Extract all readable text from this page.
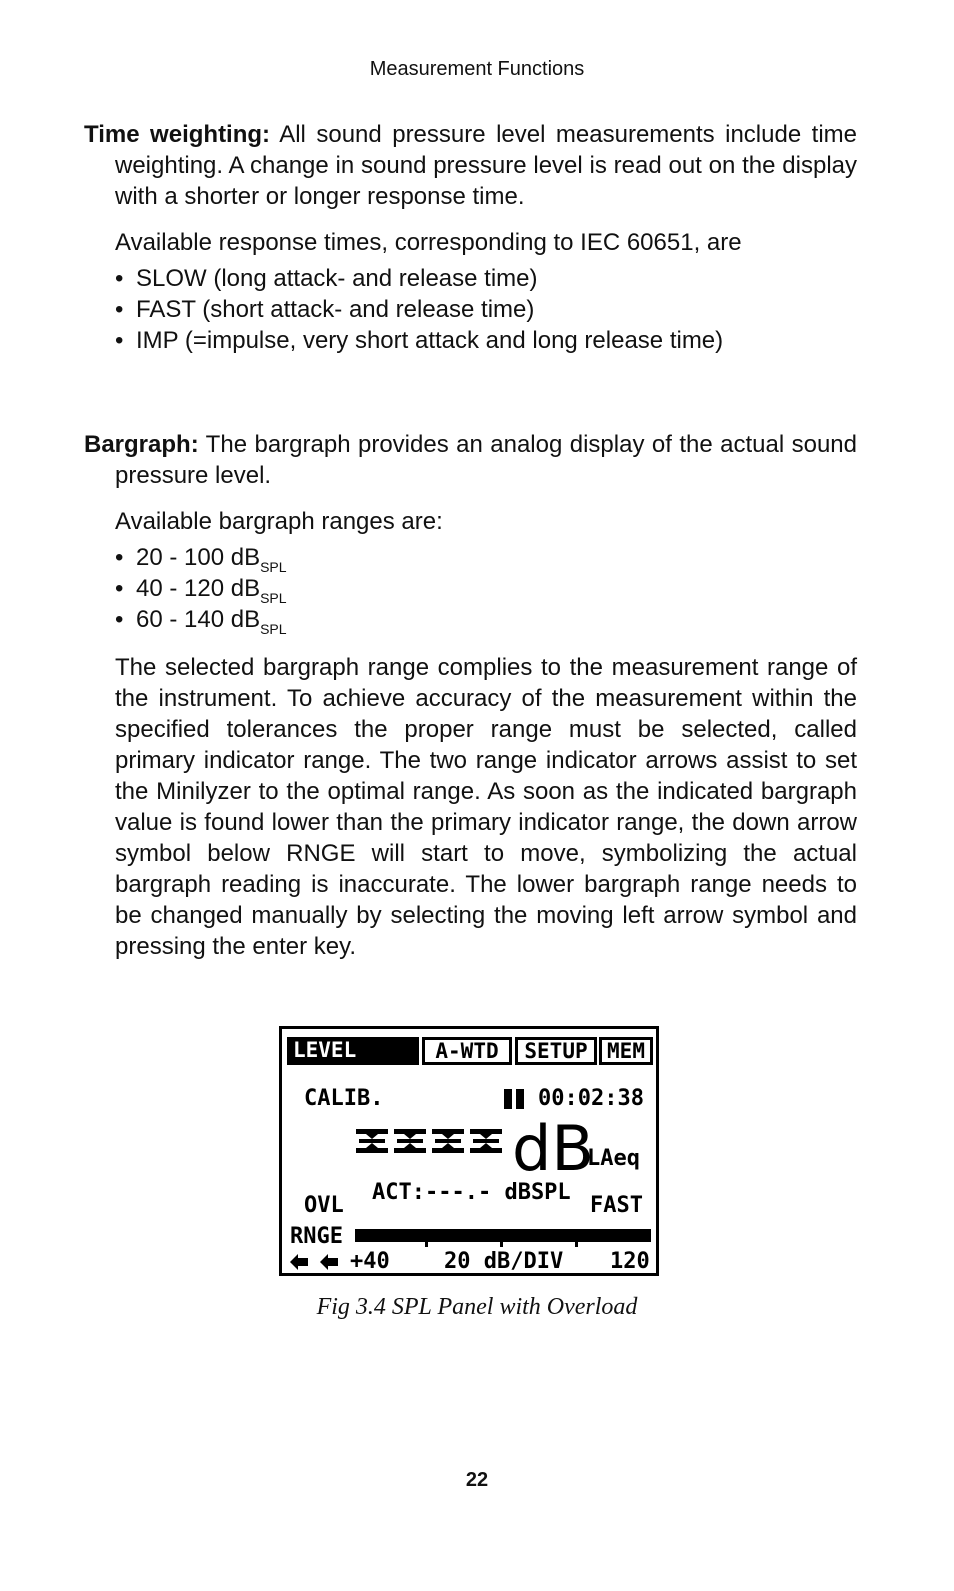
Measurement Functions

Time weighting: All sound pressure level measurements include time weighting. A change in sound pressure level is read out on the display with a shorter or longer response time.

Available response times, corresponding to IEC 60651, are

• SLOW (long attack- and release time)
• FAST (short attack- and release time)
• IMP (=impulse, very short attack and long release time)

Bargraph: The bargraph provides an analog display of the actual sound pressure level.

Available bargraph ranges are:

• 20 - 100 $dB_{SPL}$
• 40 - 120 $dB_{SPL}$
• 60 - 140 $dB_{SPL}$

The selected bargraph range complies to the measurement range of the instrument. To achieve accuracy of the measurement within the specified tolerances the proper range must be selected, called primary indicator range. The two range indicator arrows assist to set the Minilyzer to the optimal range. As soon as the indicated bargraph value is found lower than the primary indicator range, the down arrow symbol below RNGE will start to move, symbolizing the actual bargraph reading is inaccurate. The lower bargraph range needs to be changed manually by selecting the moving left arrow symbol and pressing the enter key.

LEVEL	A-WTD	SETUP MEM
CALIB.	00:02:38
dB
LAeq
ACT:---.- dBSPL
OVL	FAST
RNGE
+40 20 dB/DIV 120
Fig 3.4 SPL Panel with Overload
22
